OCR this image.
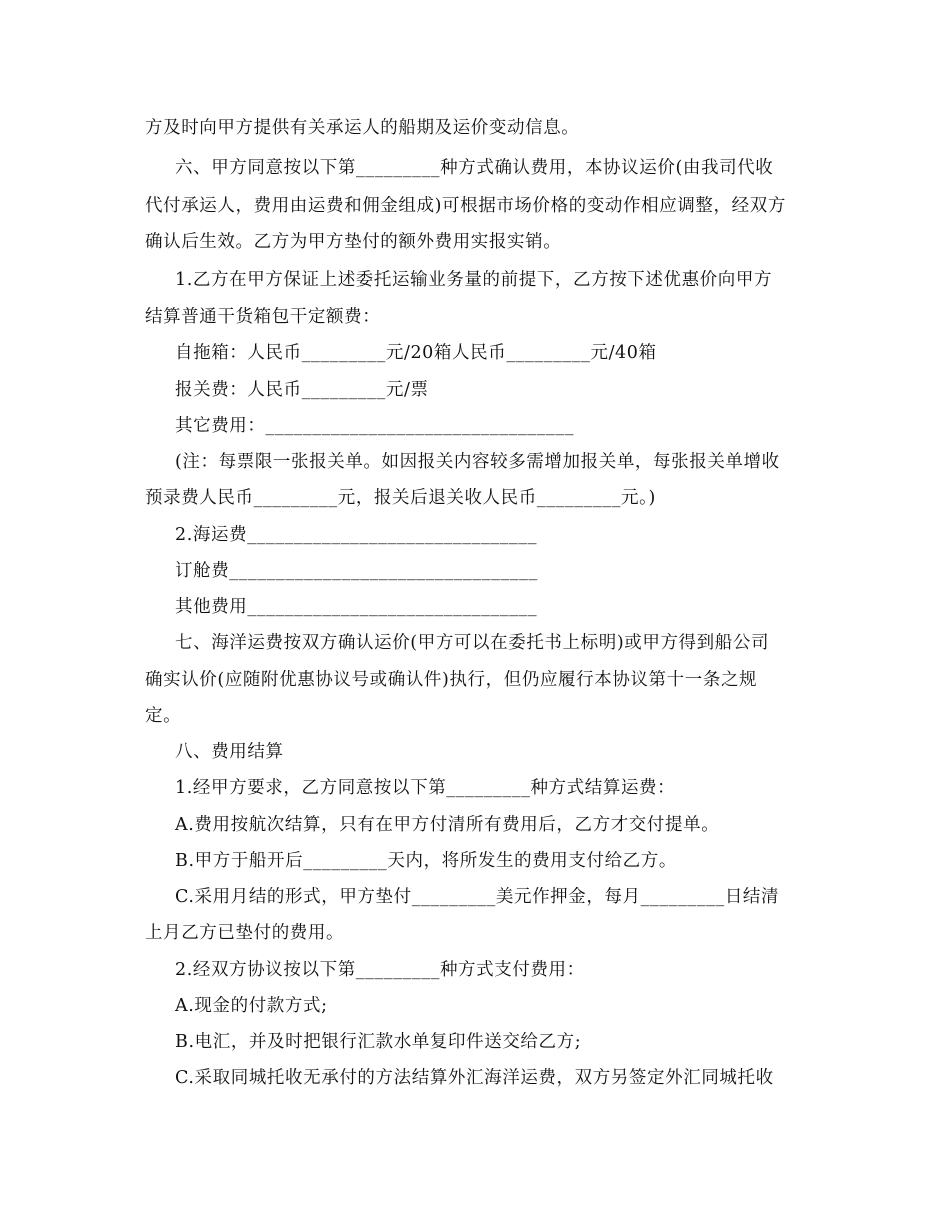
方及时向甲方提供有关承运人的船期及运价变动信息。
六、甲方同意按以下第_________种方式确认费用，本协议运价(由我司代收
代付承运人，费用由运费和佣金组成)可根据市场价格的变动作相应调整，经双方
确认后生效。乙方为甲方垫付的额外费用实报实销。
1.乙方在甲方保证上述委托运输业务量的前提下，乙方按下述优惠价向甲方
结算普通干货箱包干定额费：
自拖箱：人民币_________元/20箱人民币_________元/40箱
报关费：人民币_________元/票
其它费用：_________________________________
(注：每票限一张报关单。如因报关内容较多需增加报关单，每张报关单增收
预录费人民币_________元，报关后退关收人民币_________元。)
2.海运费_______________________________
订舱费_________________________________
其他费用_______________________________
七、海洋运费按双方确认运价(甲方可以在委托书上标明)或甲方得到船公司
确实认价(应随附优惠协议号或确认件)执行，但仍应履行本协议第十一条之规
定。
八、费用结算
1.经甲方要求，乙方同意按以下第_________种方式结算运费：
A.费用按航次结算，只有在甲方付清所有费用后，乙方才交付提单。
B.甲方于船开后_________天内，将所发生的费用支付给乙方。
C.采用月结的形式，甲方垫付_________美元作押金，每月_________日结清
上月乙方已垫付的费用。
2.经双方协议按以下第_________种方式支付费用：
A.现金的付款方式;
B.电汇，并及时把银行汇款水单复印件送交给乙方;
C.采取同城托收无承付的方法结算外汇海洋运费，双方另签定外汇同城托收
